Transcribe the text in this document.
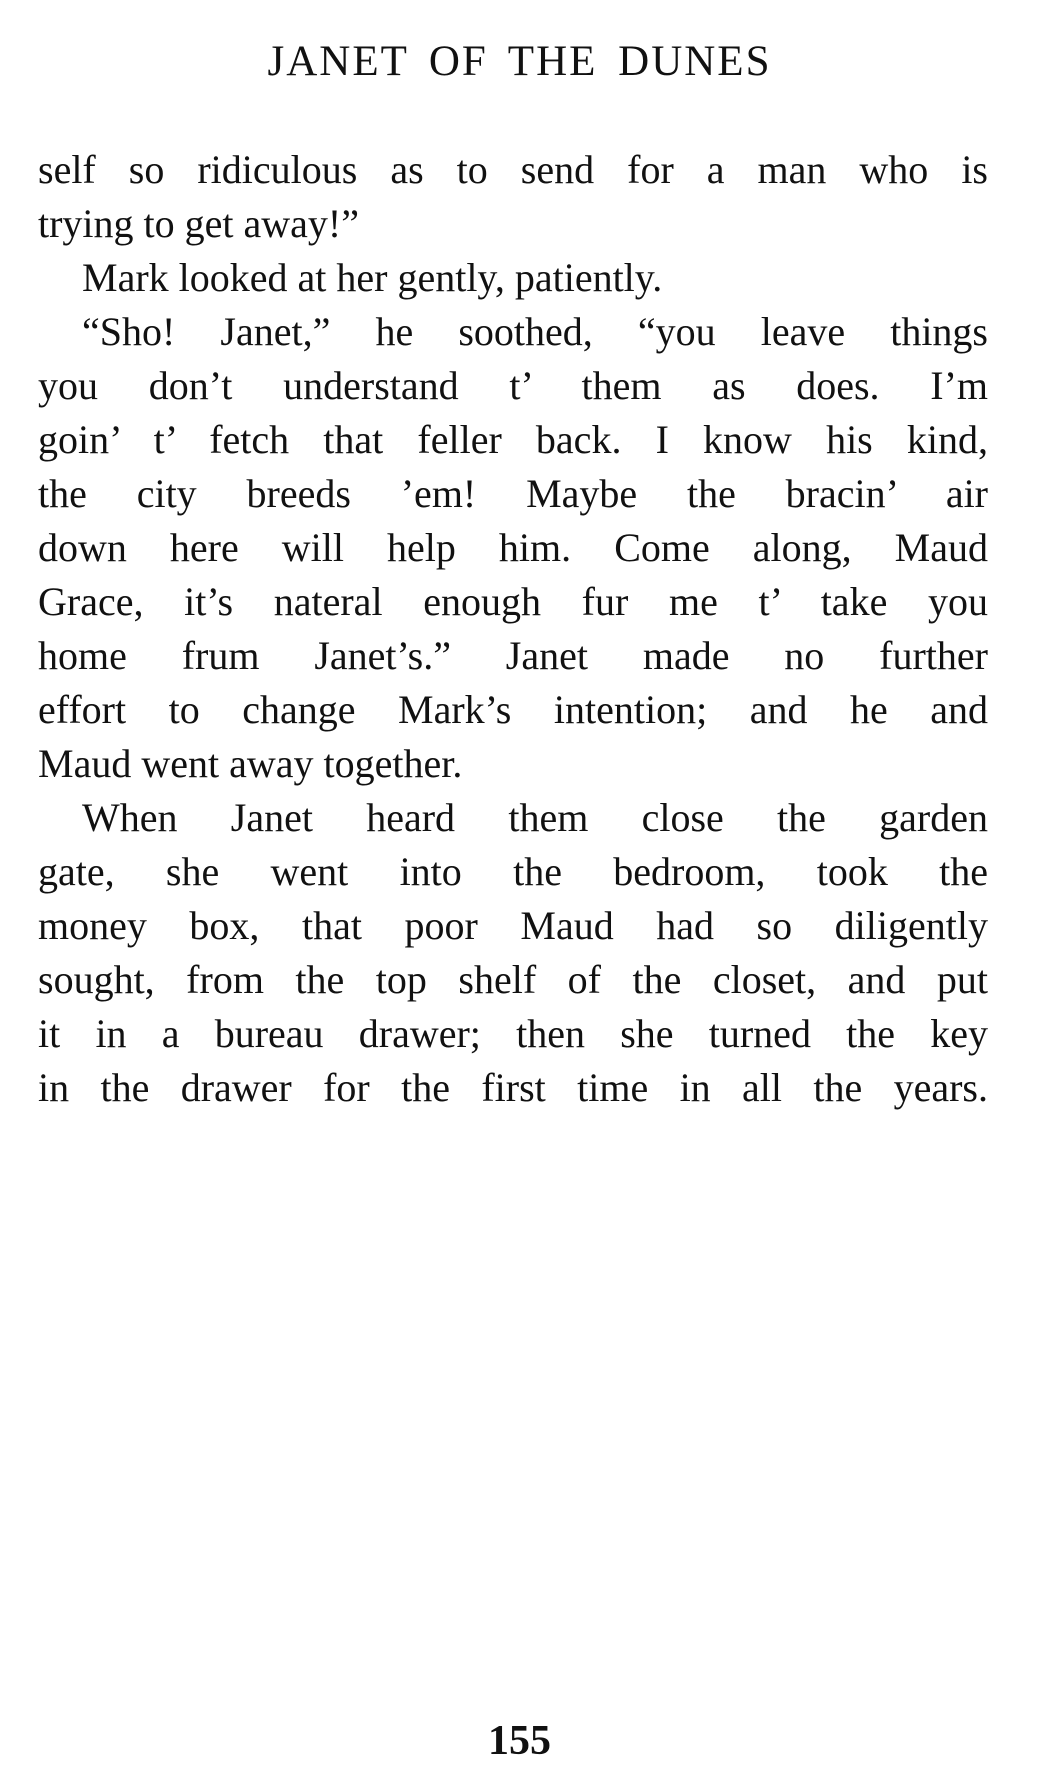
JANET OF THE DUNES
self so ridiculous as to send for a man who is
trying to get away!”
Mark looked at her gently, patiently.
“Sho! Janet,” he soothed, “you leave things
you don’t understand t’ them as does. I’m
goin’ t’ fetch that feller back. I know his kind,
the city breeds ’em! Maybe the bracin’ air
down here will help him. Come along, Maud
Grace, it’s nateral enough fur me t’ take you
home frum Janet’s.” Janet made no further
effort to change Mark’s intention; and he and
Maud went away together.
When Janet heard them close the garden
gate, she went into the bedroom, took the
money box, that poor Maud had so diligently
sought, from the top shelf of the closet, and put
it in a bureau drawer; then she turned the key
in the drawer for the first time in all the years.
155
